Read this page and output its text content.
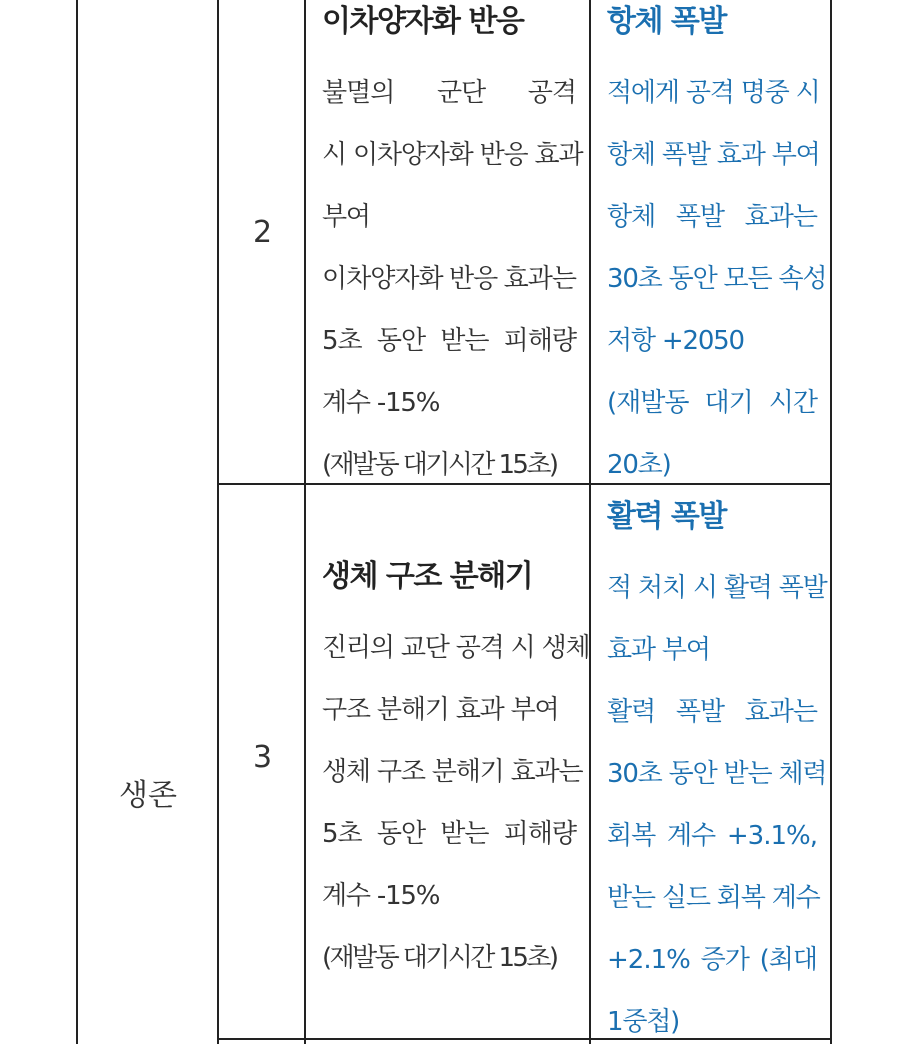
생존
2
이차양자화 반응
불멸의 군단 공격
시 이차양자화 반응 효과
부여
이차양자화 반응 효과는
5초 동안 받는 피해량
계수 -15%
(재발동 대기시간 15초)
항체 폭발
적에게 공격 명중 시
항체 폭발 효과 부여
항체 폭발 효과는
30초 동안 모든 속성
저항 +2050
(재발동 대기 시간
20초)
3
생체 구조 분해기
진리의 교단 공격 시 생체
구조 분해기 효과 부여
생체 구조 분해기 효과는
5초 동안 받는 피해량
계수 -15%
(재발동 대기시간 15초)
활력 폭발
적 처치 시 활력 폭발
효과 부여
활력 폭발 효과는
30초 동안 받는 체력
회복 계수 +3.1%,
받는 실드 회복 계수
+2.1% 증가 (최대
1중첩)
